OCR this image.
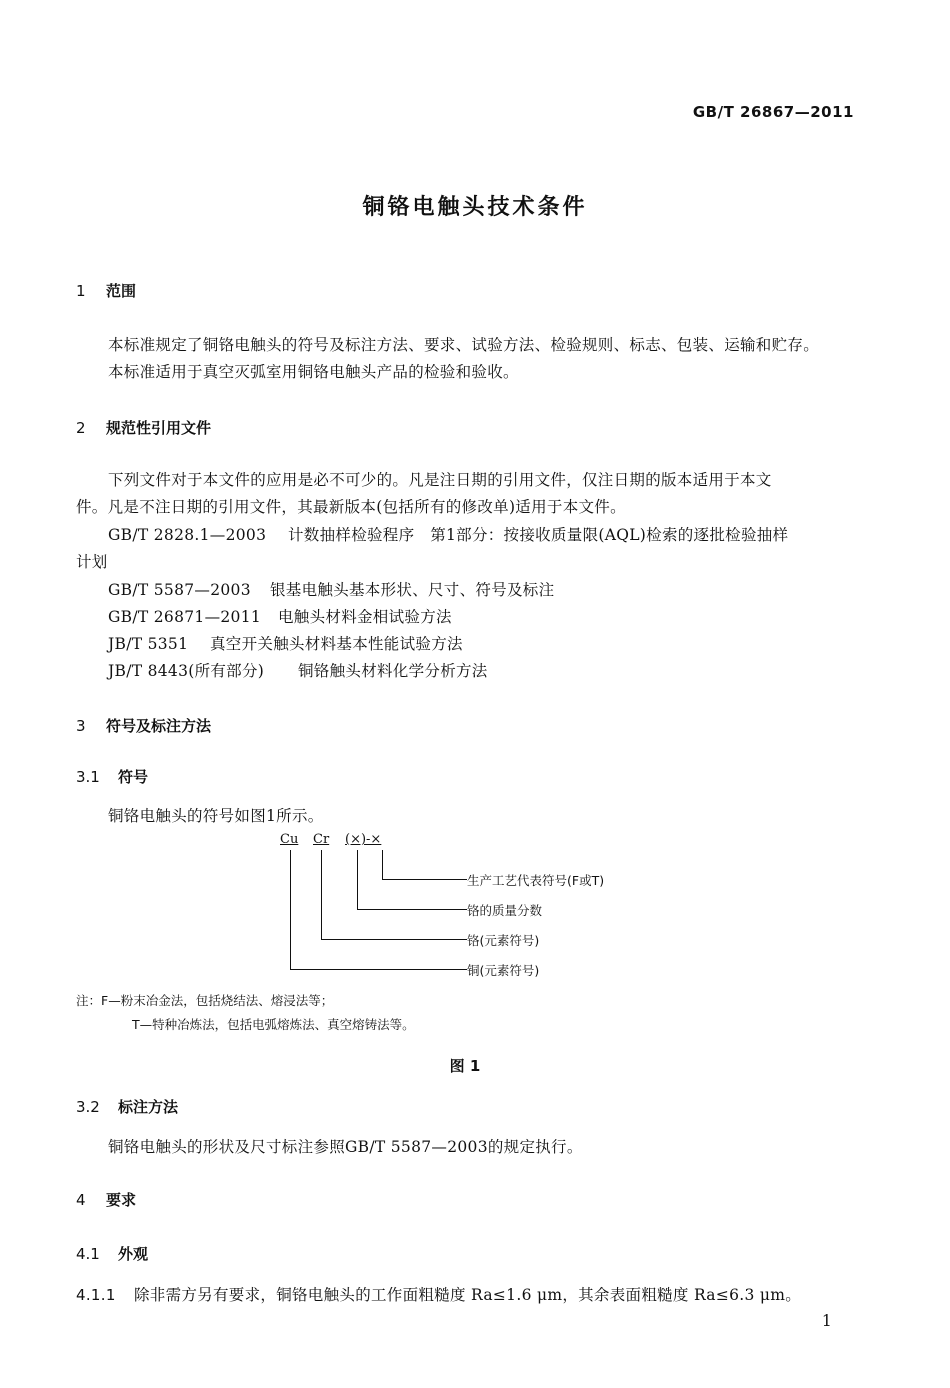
GB/T 26867—2011
铜铬电触头技术条件
1 范围
本标准规定了铜铬电触头的符号及标注方法、要求、试验方法、检验规则、标志、包装、运输和贮存。
本标准适用于真空灭弧室用铜铬电触头产品的检验和验收。
2 规范性引用文件
下列文件对于本文件的应用是必不可少的。凡是注日期的引用文件，仅注日期的版本适用于本文
件。凡是不注日期的引用文件，其最新版本(包括所有的修改单)适用于本文件。
GB/T 2828.1—2003 计数抽样检验程序　第1部分：按接收质量限(AQL)检索的逐批检验抽样
计划
GB/T 5587—2003 银基电触头基本形状、尺寸、符号及标注
GB/T 26871—2011 电触头材料金相试验方法
JB/T 5351 真空开关触头材料基本性能试验方法
JB/T 8443(所有部分) 铜铬触头材料化学分析方法
3 符号及标注方法
3.1 符号
铜铬电触头的符号如图1所示。
Cu Cr (×)-×
生产工艺代表符号(F或T)
铬的质量分数
铬(元素符号)
铜(元素符号)
注：F—粉末冶金法，包括烧结法、熔浸法等；
T—特种冶炼法，包括电弧熔炼法、真空熔铸法等。
图 1
3.2 标注方法
铜铬电触头的形状及尺寸标注参照GB/T 5587—2003的规定执行。
4 要求
4.1 外观
4.1.1 除非需方另有要求，铜铬电触头的工作面粗糙度 Ra≤1.6 μm，其余表面粗糙度 Ra≤6.3 μm。
1
